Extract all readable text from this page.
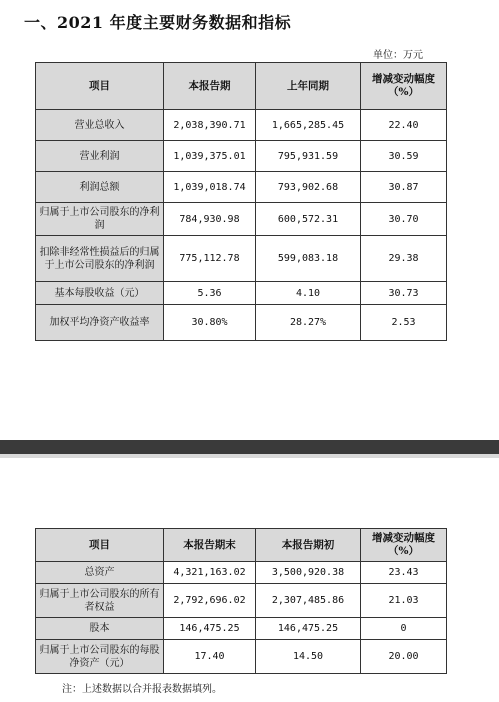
一、2021 年度主要财务数据和指标
单位：万元
项目	本报告期	上年同期	增减变动幅度（%）
营业总收入	2,038,390.71	1,665,285.45	22.40
营业利润	1,039,375.01	795,931.59	30.59
利润总额	1,039,018.74	793,902.68	30.87
归属于上市公司股东的净利润	784,930.98	600,572.31	30.70
扣除非经常性损益后的归属于上市公司股东的净利润	775,112.78	599,083.18	29.38
基本每股收益（元）	5.36	4.10	30.73
加权平均净资产收益率	30.80%	28.27%	2.53
项目	本报告期末	本报告期初	增减变动幅度（%）
总资产	4,321,163.02	3,500,920.38	23.43
归属于上市公司股东的所有者权益	2,792,696.02	2,307,485.86	21.03
股本	146,475.25	146,475.25	0
归属于上市公司股东的每股净资产（元）	17.40	14.50	20.00
注：上述数据以合并报表数据填列。
